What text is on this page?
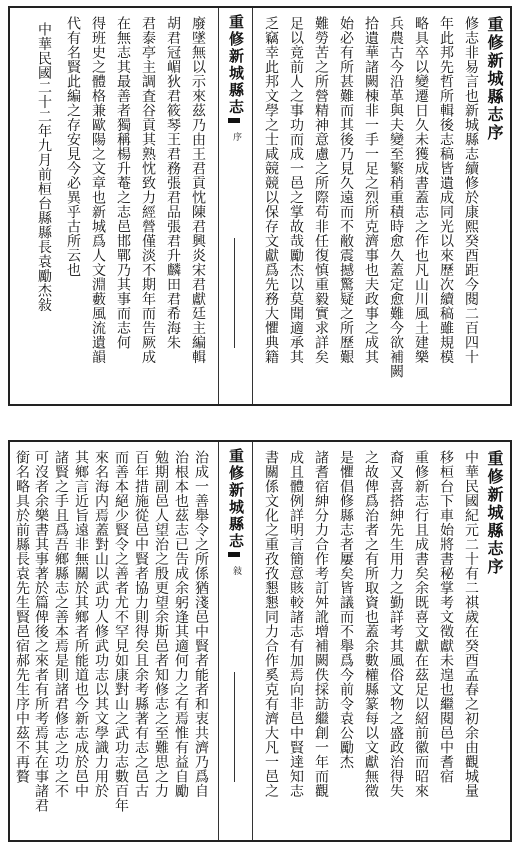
重修新城縣志序
修志非易言也新城縣志續修於康熙癸酉距今閱二百四十
年此邦先哲所輯後志稿皆遺成同光以來歷次續稿雖規模
略具卒以變遷日久未獲成書蓋志之作也凡山川風土建樂
兵農古今沿革與夫變至繁稍重積時愈久蓋定愈難今欲補闕
拾遺華諸闕棟非一手一足之烈所克濟事也夫政事之成其
始必有所甚難而其後乃見久遠而不敝震撼驚疑之所歷艱
難勞苦之所營精神意慮之所際苟非任復慎重毅實求詳矣
足以竟前人之事功而成一邑之掌故哉勵杰以莫聞適承其
乏竊幸此邦文學之士咸競競以保存文獻爲先務大懼典籍
重修新城縣志
序
廢墜無以示來茲乃由王君貢忱陳君興炎宋君獻廷主編輯
胡君冠嵋狄君筱琴王君務張君品張君升麟田君希海朱
君泰亭主調査谷貢其熟忱致力經營僅淡不期年而告厥成
在無志其最善者獨稱楊升菴之志邑邯鄲乃其事而志何
得班史之體格兼歐陽之文章也新城爲人文淵藪風流遺韻
代有名賢此編之存安見今必異乎古所云也
中華民國二十二年九月前桓台縣縣長袁勵杰敍
重修新城縣志序
中華民國紀元二十有二祺歲在癸酉孟春之初余由觀城量
移桓台下車始將書秘掌考文徵獻未遑也繼閱邑中耆宿
重修新志行且成書矣余既喜文獻在茲足以紹前徽而昭來
裔又喜搭紳先生用力之勤詳考其風俗文物之盛政治得失
之故俾爲治者之有所取資也蓋余數權縣篆每以文獻無徵
是懼倡修縣志者屢矣皆議而不舉爲今前令袁公勵杰
諸耆宿紳分力合作考訂舛訛增補闕佚採訪繼創一年而觀
成且體例詳明言簡意賅較諸志有加焉向非邑中賢達知志
書關係文化之重孜孜懇懇同力合作奚克有濟大凡一邑之
重修新城縣志
敍
治成一善舉令之所係猶淺邑中賢者能者和衷共濟乃爲自
治根本也茲志已告成余躬逢其適何力之有焉惟有益自勵
勉期副邑人望治之殷更望余斯邑者知修志之至難思之力
百年措施從邑中賢者協力則得矣且余考縣著有志之邑古
而善本絕少賢令之善者尤不罕見如康對山之武功志數百年
來名海内焉蓋對山以武功人修武功志以其文學識力用於
其鄉言近旨遠非無關於其鄉者所能道也今新志成於邑中
諸賢之手且爲吾鄉縣志之善本焉是則諸君修志之功之不
可沒者余樂書其事著於篇俾後之來者有所考焉其在事諸君
銜名略具於前縣長袁先生賢邑宿郝先生序中茲不再贅
